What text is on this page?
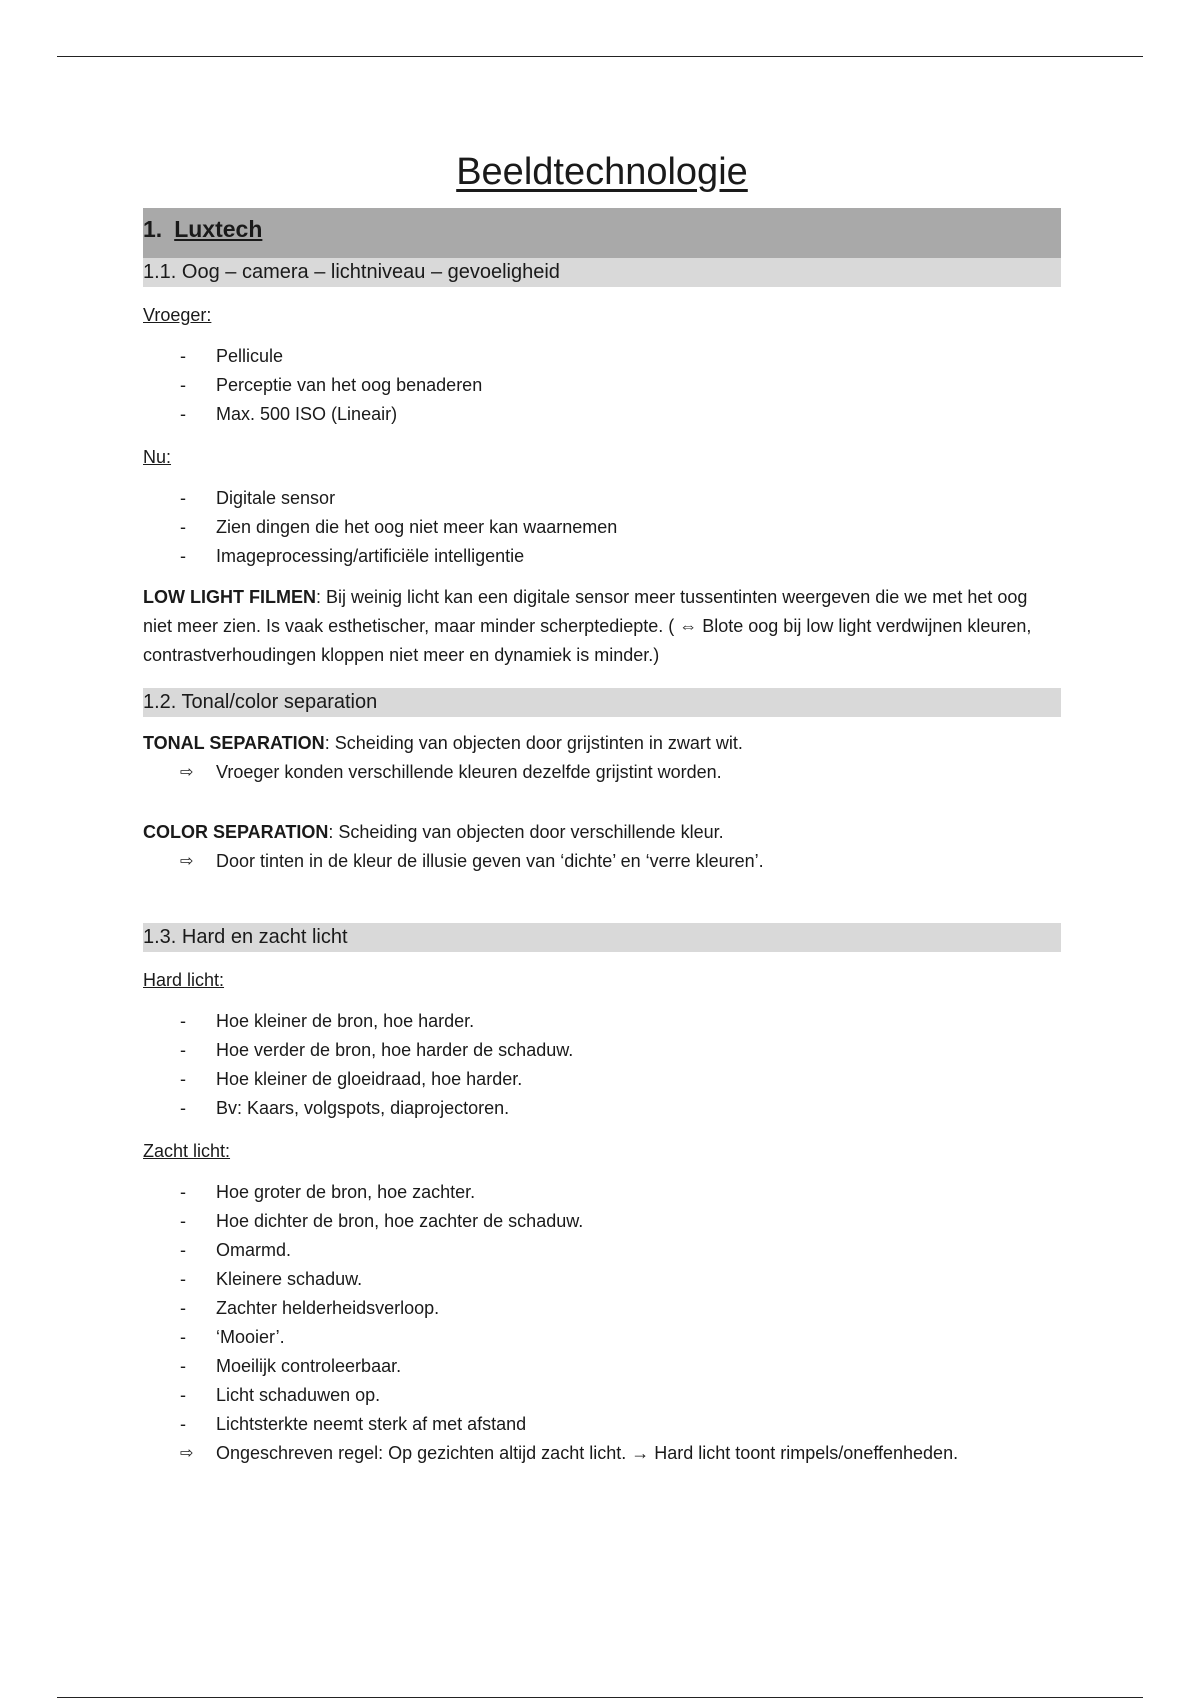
Beeldtechnologie
1. Luxtech
1.1. Oog – camera – lichtniveau – gevoeligheid
Vroeger:
- Pellicule
- Perceptie van het oog benaderen
- Max. 500 ISO (Lineair)
Nu:
- Digitale sensor
- Zien dingen die het oog niet meer kan waarnemen
- Imageprocessing/artificiële intelligentie
LOW LIGHT FILMEN: Bij weinig licht kan een digitale sensor meer tussentinten weergeven die we met het oog niet meer zien. Is vaak esthetischer, maar minder scherptediepte. ( ⇔ Blote oog bij low light verdwijnen kleuren, contrastverhoudingen kloppen niet meer en dynamiek is minder.)
1.2. Tonal/color separation
TONAL SEPARATION: Scheiding van objecten door grijstinten in zwart wit.
⇨ Vroeger konden verschillende kleuren dezelfde grijstint worden.
COLOR SEPARATION: Scheiding van objecten door verschillende kleur.
⇨ Door tinten in de kleur de illusie geven van ‘dichte’ en ‘verre kleuren’.
1.3. Hard en zacht licht
Hard licht:
- Hoe kleiner de bron, hoe harder.
- Hoe verder de bron, hoe harder de schaduw.
- Hoe kleiner de gloeidraad, hoe harder.
- Bv: Kaars, volgspots, diaprojectoren.
Zacht licht:
- Hoe groter de bron, hoe zachter.
- Hoe dichter de bron, hoe zachter de schaduw.
- Omarmd.
- Kleinere schaduw.
- Zachter helderheidsverloop.
- ‘Mooier’.
- Moeilijk controleerbaar.
- Licht schaduwen op.
- Lichtsterkte neemt sterk af met afstand
⇨ Ongeschreven regel: Op gezichten altijd zacht licht. → Hard licht toont rimpels/oneffenheden.
